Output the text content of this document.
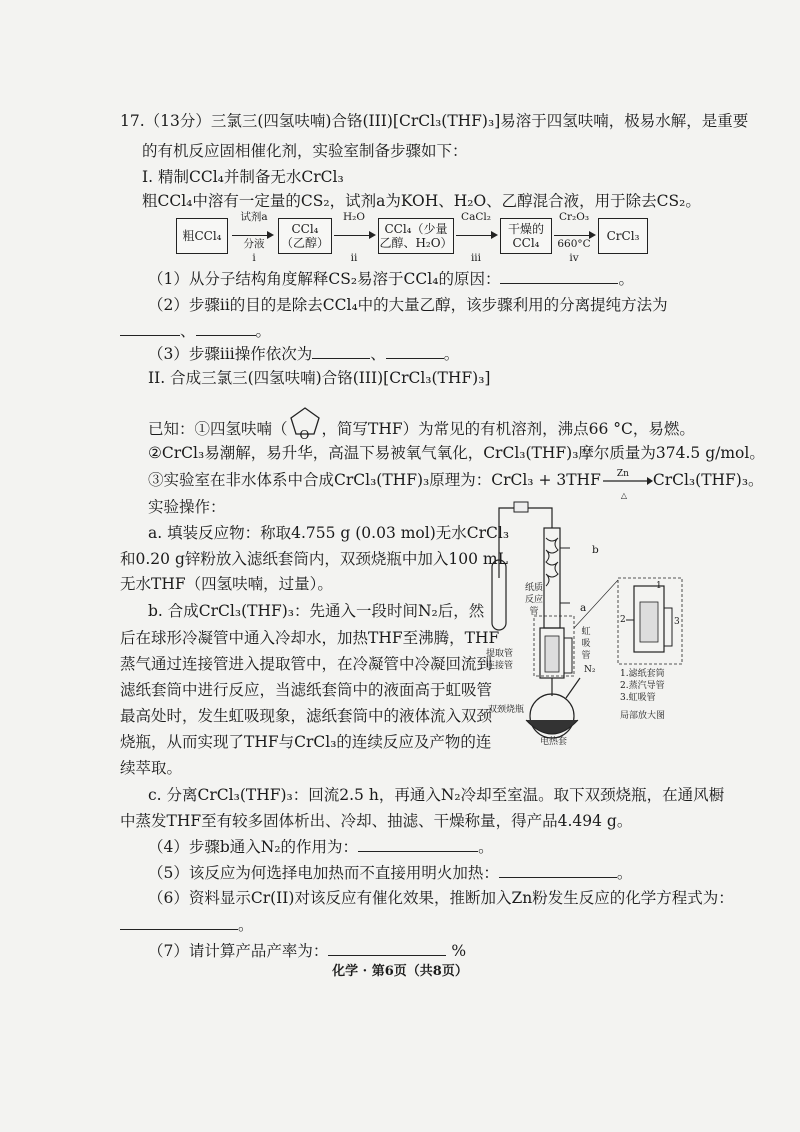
17.（13分）三氯三(四氢呋喃)合铬(III)[CrCl₃(THF)₃]易溶于四氢呋喃，极易水解，是重要
的有机反应固相催化剂，实验室制备步骤如下：
I. 精制CCl₄并制备无水CrCl₃
粗CCl₄中溶有一定量的CS₂，试剂a为KOH、H₂O、乙醇混合液，用于除去CS₂。
粗CCl₄
试剂a
分液
i
CCl₄
（乙醇）
H₂O
ii
CCl₄（少量
乙醇、H₂O）
CaCl₂
iii
干燥的
CCl₄
Cr₂O₃
660°C
iv
CrCl₃
（1）从分子结构角度解释CS₂易溶于CCl₄的原因：	。
（2）步骤ii的目的是除去CCl₄中的大量乙醇，该步骤利用的分离提纯方法为
、	。
（3）步骤iii操作依次为	、	。
II. 合成三氯三(四氢呋喃)合铬(III)[CrCl₃(THF)₃]
已知：①四氢呋喃（ O ，简写THF）为常见的有机溶剂，沸点66 °C，易燃。
②CrCl₃易潮解，易升华，高温下易被氧气氧化，CrCl₃(THF)₃摩尔质量为374.5 g/mol。
③实验室在非水体系中合成CrCl₃(THF)₃原理为：CrCl₃ + 3THF Zn
△
CrCl₃(THF)₃。
实验操作：
a. 填装反应物：称取4.755 g (0.03 mol)无水CrCl₃
和0.20 g锌粉放入滤纸套筒内，双颈烧瓶中加入100 mL
无水THF（四氢呋喃，过量）。
b. 合成CrCl₃(THF)₃：先通入一段时间N₂后，然
后在球形冷凝管中通入冷却水，加热THF至沸腾，THF
蒸气通过连接管进入提取管中，在冷凝管中冷凝回流到
滤纸套筒中进行反应，当滤纸套筒中的液面高于虹吸管
最高处时，发生虹吸现象，滤纸套筒中的液体流入双颈
烧瓶，从而实现了THF与CrCl₃的连续反应及产物的连
续萃取。
b
a
纸质反应管
虹吸管
提取管
连接管	N₂
双颈烧瓶
电热套
1
2	3
1.滤纸套筒
2.蒸汽导管
3.虹吸管
局部放大图
c. 分离CrCl₃(THF)₃：回流2.5 h，再通入N₂冷却至室温。取下双颈烧瓶，在通风橱
中蒸发THF至有较多固体析出、冷却、抽滤、干燥称量，得产品4.494 g。
（4）步骤b通入N₂的作用为：	。
（5）该反应为何选择电加热而不直接用明火加热：	。
（6）资料显示Cr(II)对该反应有催化效果，推断加入Zn粉发生反应的化学方程式为：
。
（7）请计算产品产率为：	%
化学 · 第6页（共8页）
